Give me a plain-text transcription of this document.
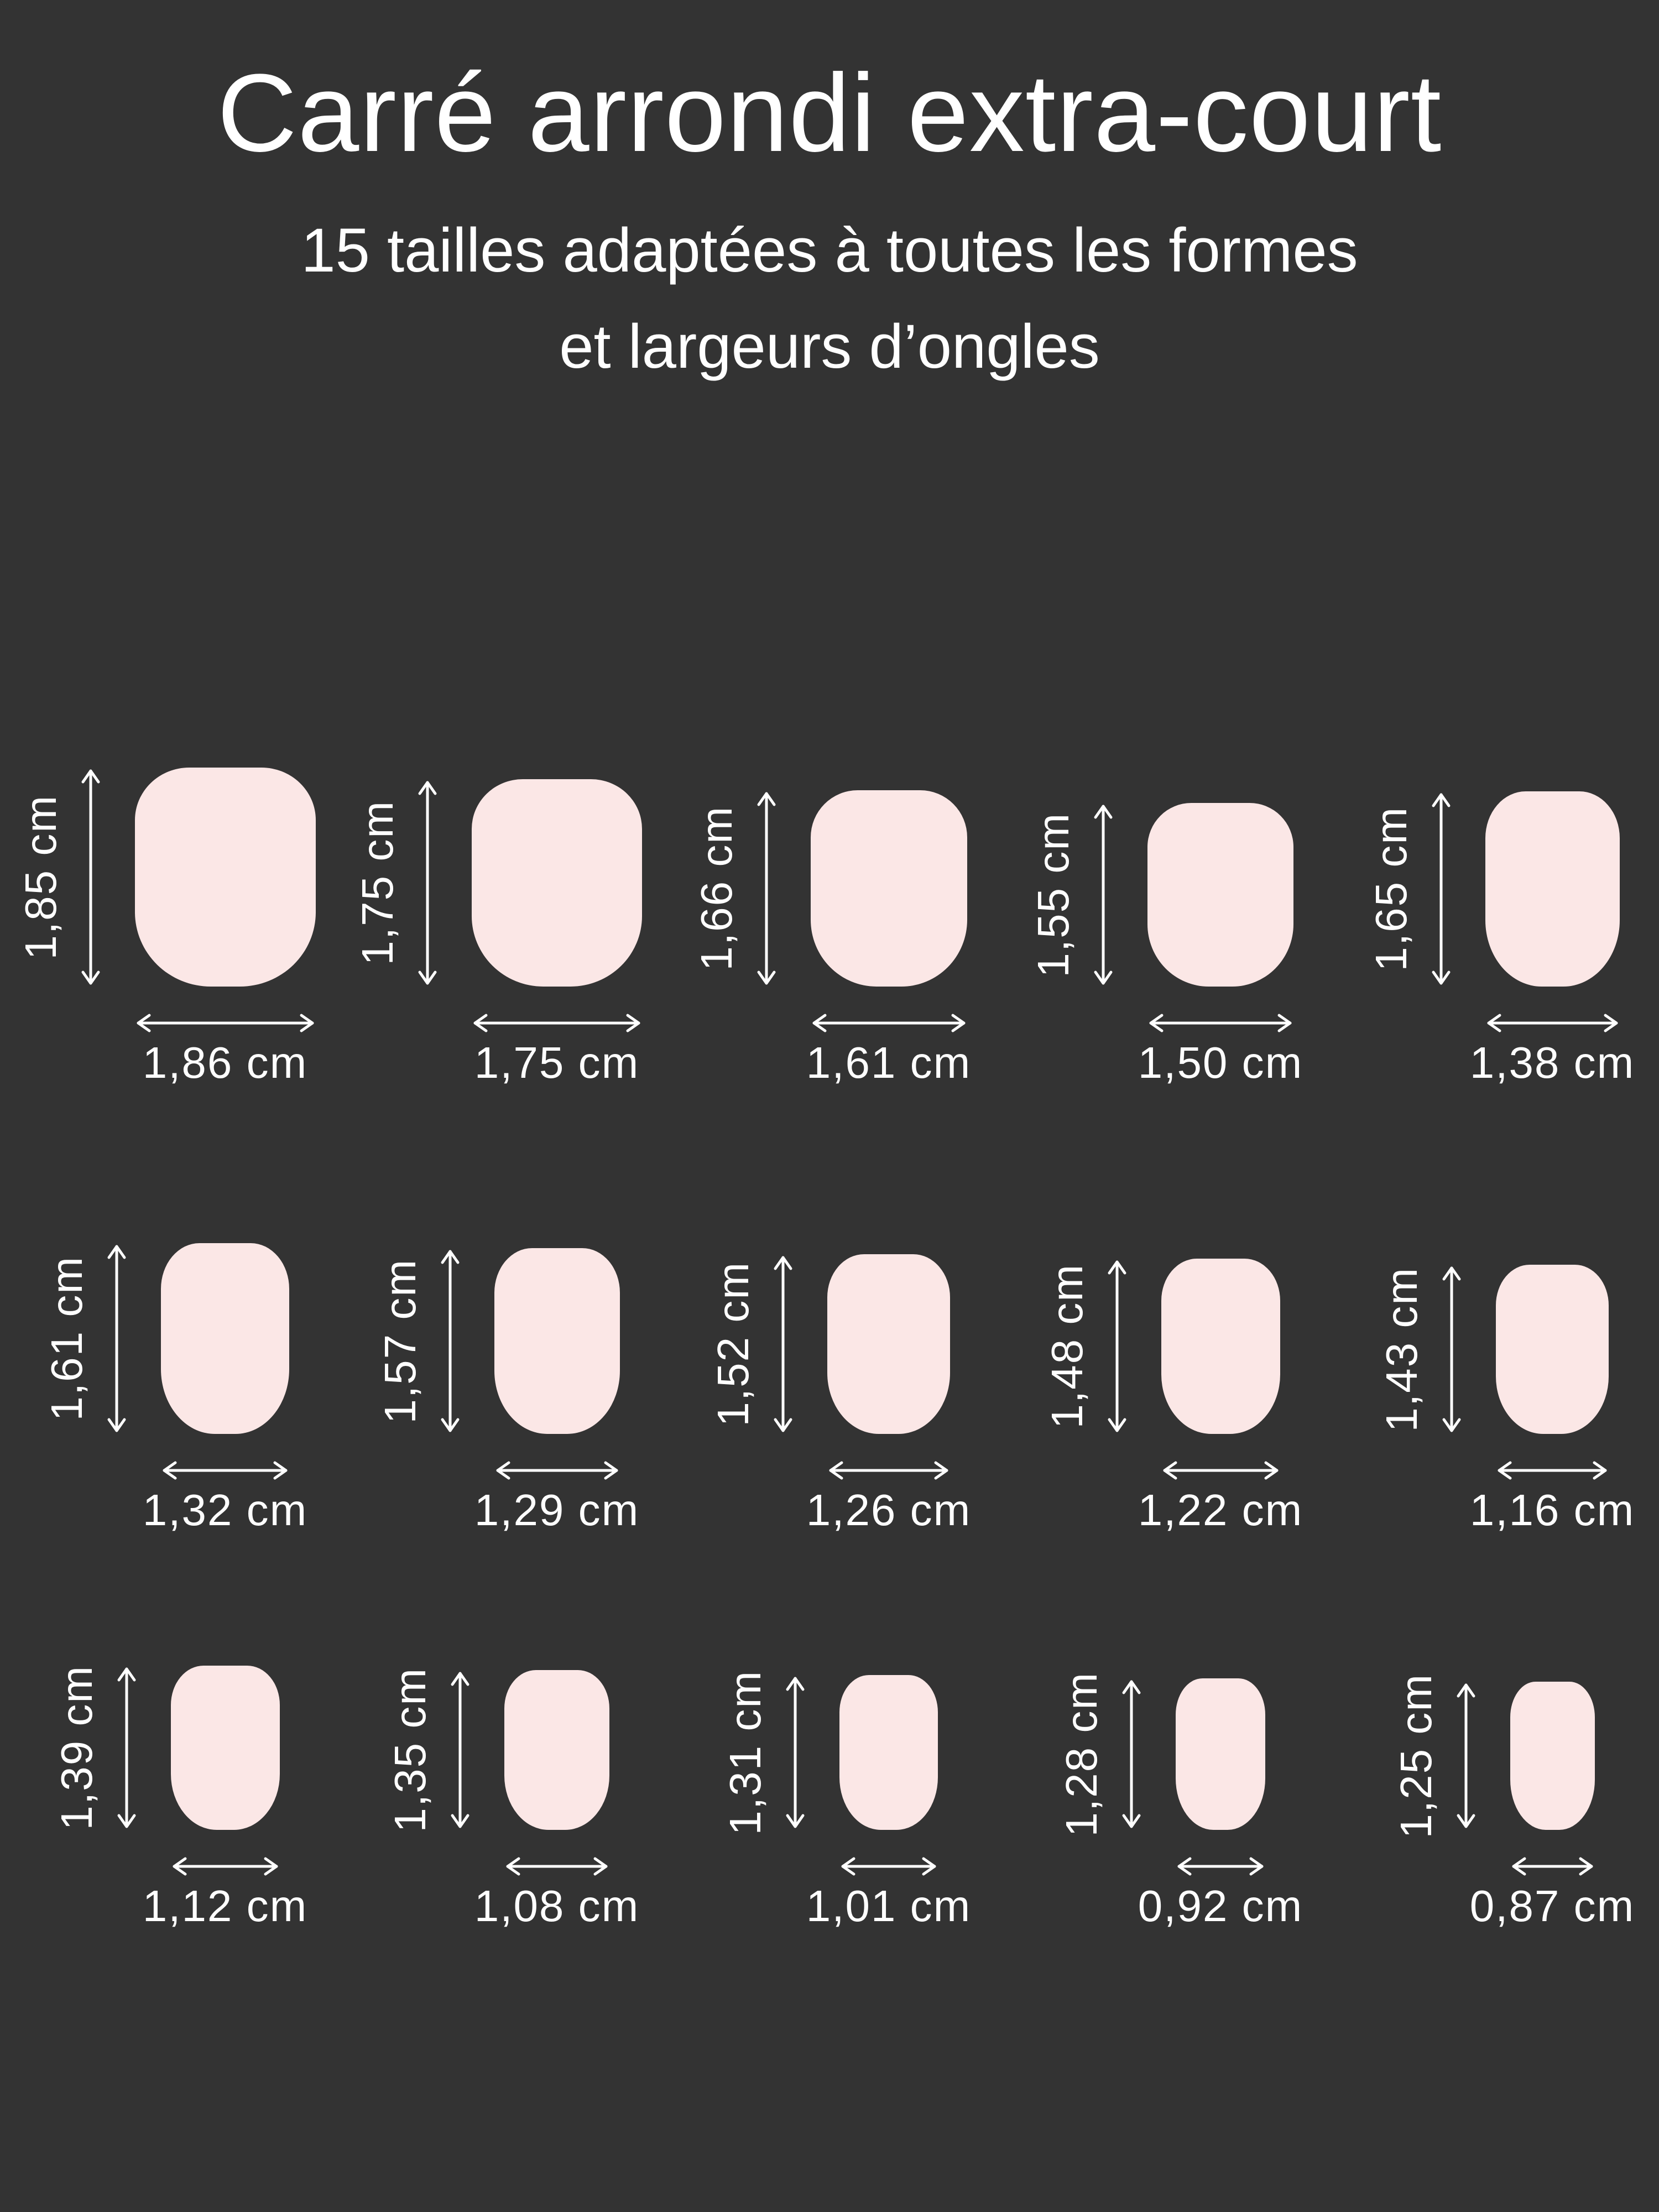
Carré arrondi extra-court
15 tailles adaptées à toutes les formes
et largeurs d’ongles
1,85 cm
1,86 cm
1,75 cm
1,75 cm
1,66 cm
1,61 cm
1,55 cm
1,50 cm
1,65 cm
1,38 cm
1,61 cm
1,32 cm
1,57 cm
1,29 cm
1,52 cm
1,26 cm
1,48 cm
1,22 cm
1,43 cm
1,16 cm
1,39 cm
1,12 cm
1,35 cm
1,08 cm
1,31 cm
1,01 cm
1,28 cm
0,92 cm
1,25 cm
0,87 cm
